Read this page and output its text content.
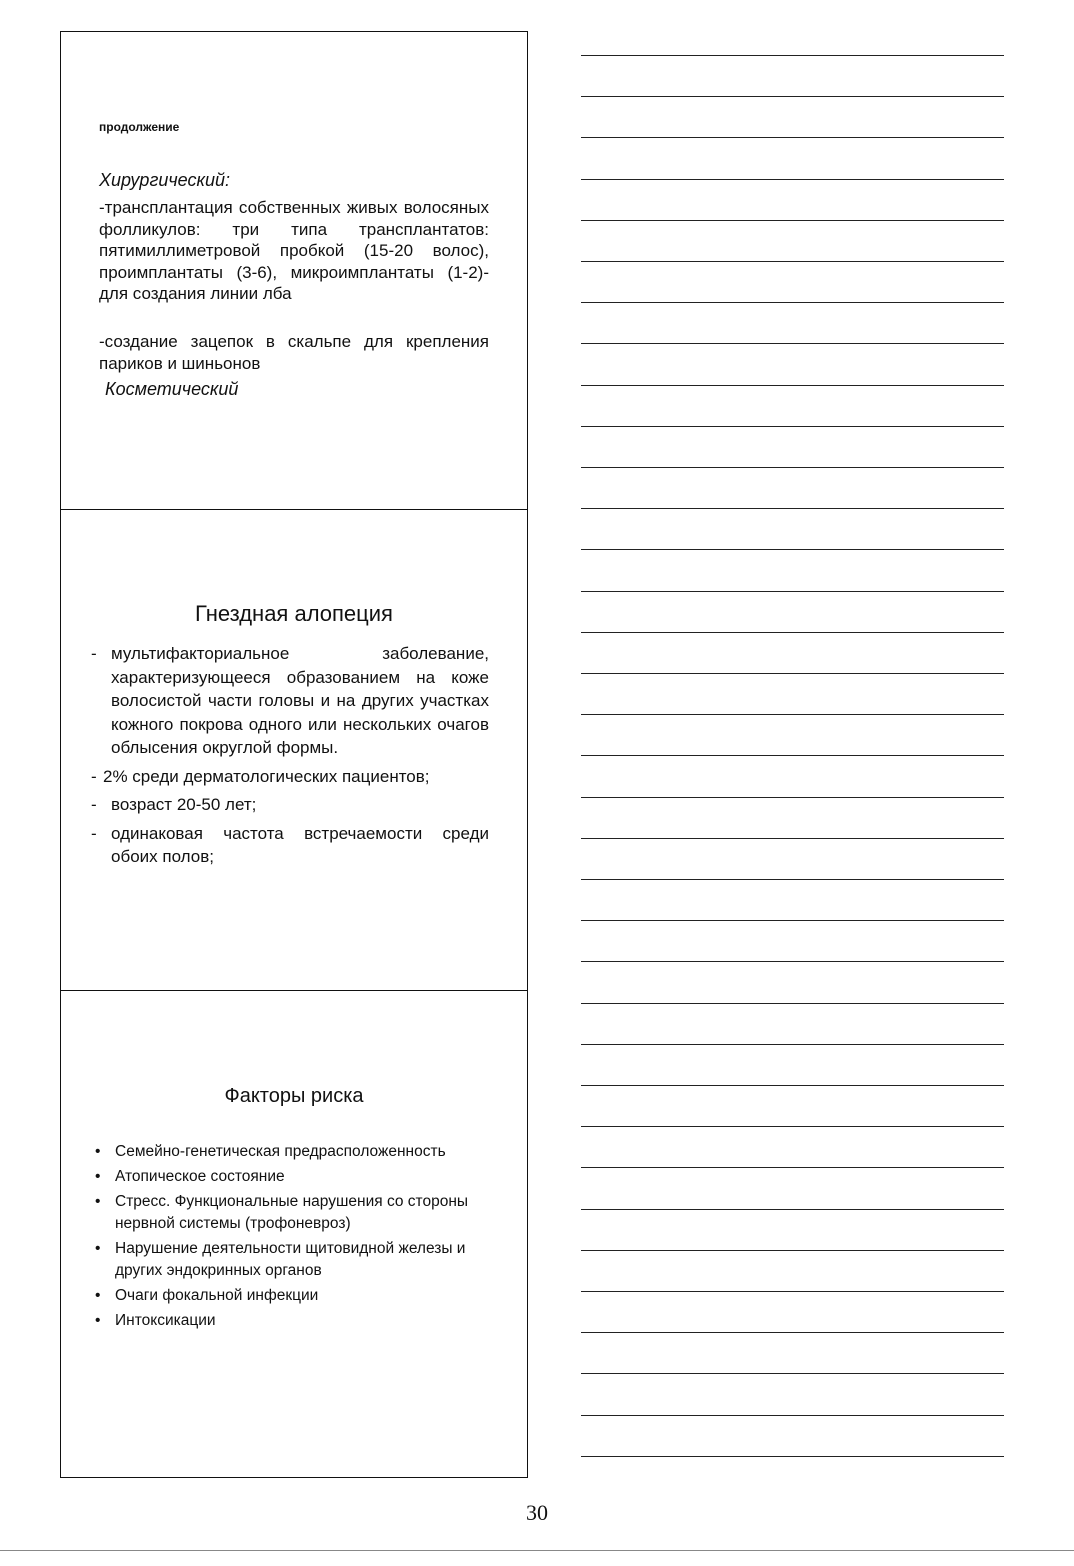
продолжение
Хирургический:
-трансплантация собственных живых волосяных фолликулов: три типа трансплантатов: пятимиллиметровой пробкой (15-20 волос), проимплантаты (3-6), микроимплантаты (1-2)-для создания линии лба
-создание зацепок в скальпе для крепления париков и шиньонов
Косметический
Гнездная алопеция
- мультифакториальное заболевание, характеризующееся образованием на коже волосистой части головы и на других участках кожного покрова одного или нескольких очагов облысения округлой формы.
- 2% среди дерматологических пациентов;
- возраст 20-50 лет;
- одинаковая частота встречаемости среди обоих полов;
Факторы риска
• Семейно-генетическая предрасположенность
• Атопическое состояние
• Стресс. Функциональные нарушения со стороны нервной системы (трофоневроз)
• Нарушение деятельности щитовидной железы и других эндокринных органов
• Очаги фокальной инфекции
• Интоксикации
30
